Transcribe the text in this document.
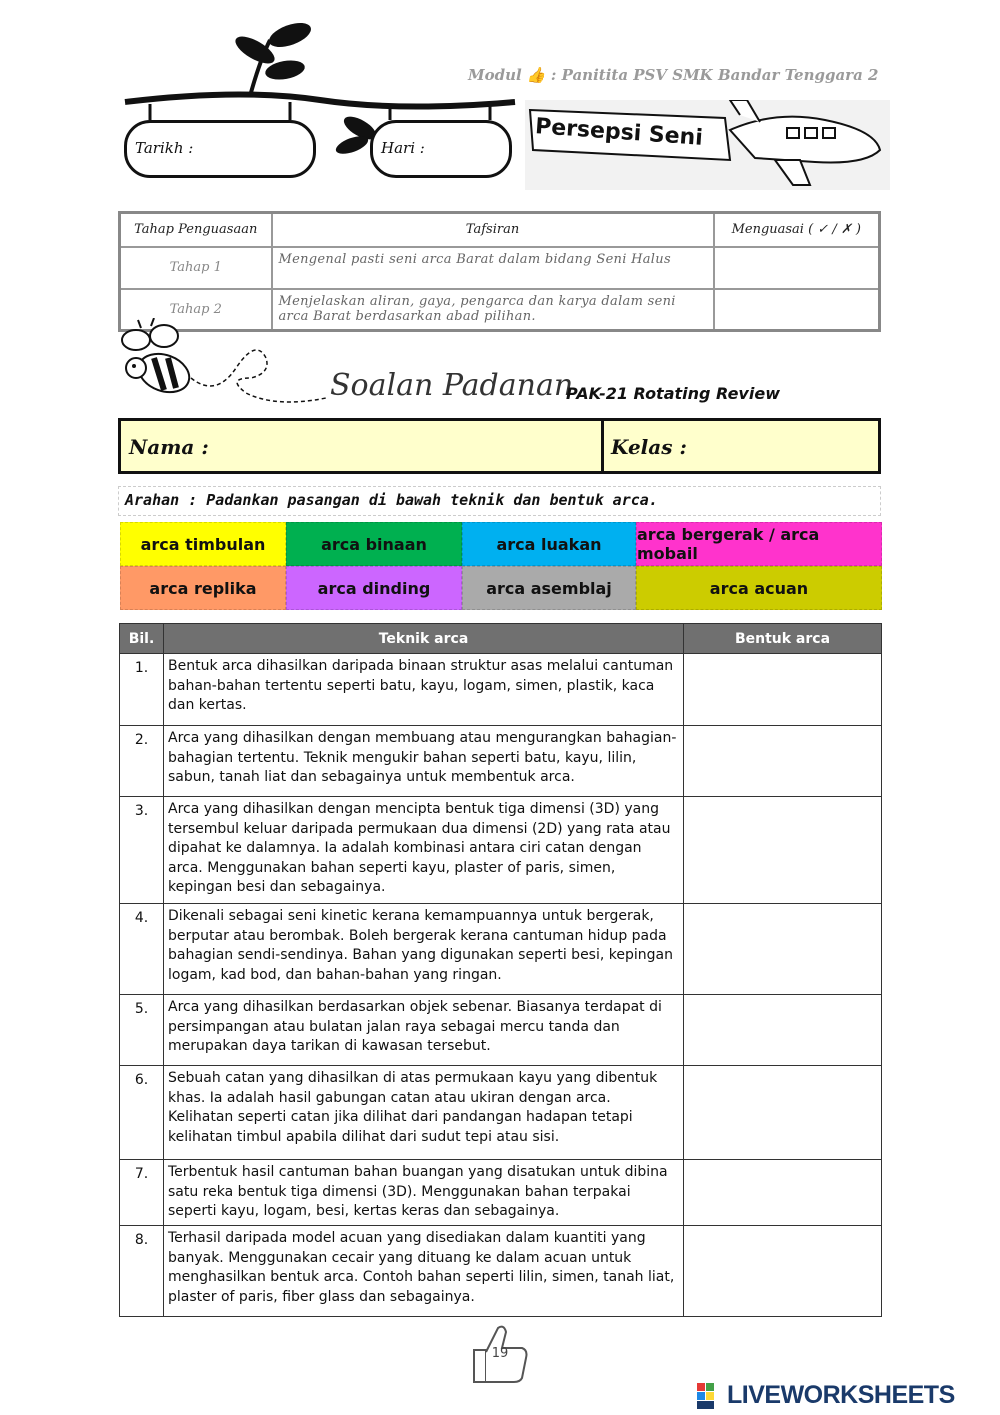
Tarikh :	Hari :
Modul 👍 : Panitita PSV SMK Bandar Tenggara 2
Persepsi Seni
Tahap Penguasaan	Tafsiran	Menguasai ( ✓ / ✗ )
Tahap 1	Mengenal pasti seni arca Barat dalam bidang Seni Halus	
Tahap 2	Menjelaskan aliran, gaya, pengarca dan karya dalam seni arca Barat berdasarkan abad pilihan.	
Soalan Padanan
PAK-21 Rotating Review
Nama :	Kelas :
Arahan : Padankan pasangan di bawah teknik dan bentuk arca.
arca timbulan	arca binaan	arca luakan	arca bergerak / arca mobail
arca replika	arca dinding	arca asemblaj	arca acuan
Bil.	Teknik arca	Bentuk arca
1.	Bentuk arca dihasilkan daripada binaan struktur asas melalui cantuman bahan-bahan tertentu seperti batu, kayu, logam, simen, plastik, kaca dan kertas.	
2.	Arca yang dihasilkan dengan membuang atau mengurangkan bahagian-bahagian tertentu. Teknik mengukir bahan seperti batu, kayu, lilin, sabun, tanah liat dan sebagainya untuk membentuk arca.	
3.	Arca yang dihasilkan dengan mencipta bentuk tiga dimensi (3D) yang tersembul keluar daripada permukaan dua dimensi (2D) yang rata atau dipahat ke dalamnya. Ia adalah kombinasi antara ciri catan dengan arca. Menggunakan bahan seperti kayu, plaster of paris, simen, kepingan besi dan sebagainya.	
4.	Dikenali sebagai seni kinetic kerana kemampuannya untuk bergerak, berputar atau berombak. Boleh bergerak kerana cantuman hidup pada bahagian sendi-sendinya. Bahan yang digunakan seperti besi, kepingan logam, kad bod, dan bahan-bahan yang ringan.	
5.	Arca yang dihasilkan berdasarkan objek sebenar. Biasanya terdapat di persimpangan atau bulatan jalan raya sebagai mercu tanda dan merupakan daya tarikan di kawasan tersebut.	
6.	Sebuah catan yang dihasilkan di atas permukaan kayu yang dibentuk khas. Ia adalah hasil gabungan catan atau ukiran dengan arca. Kelihatan seperti catan jika dilihat dari pandangan hadapan tetapi kelihatan timbul apabila dilihat dari sudut tepi atau sisi.	
7.	Terbentuk hasil cantuman bahan buangan yang disatukan untuk dibina satu reka bentuk tiga dimensi (3D). Menggunakan bahan terpakai seperti kayu, logam, besi, kertas keras dan sebagainya.	
8.	Terhasil daripada model acuan yang disediakan dalam kuantiti yang banyak. Menggunakan cecair yang dituang ke dalam acuan untuk menghasilkan bentuk arca. Contoh bahan seperti lilin, simen, tanah liat, plaster of paris, fiber glass dan sebagainya.	
19
LIVEWORKSHEETS
